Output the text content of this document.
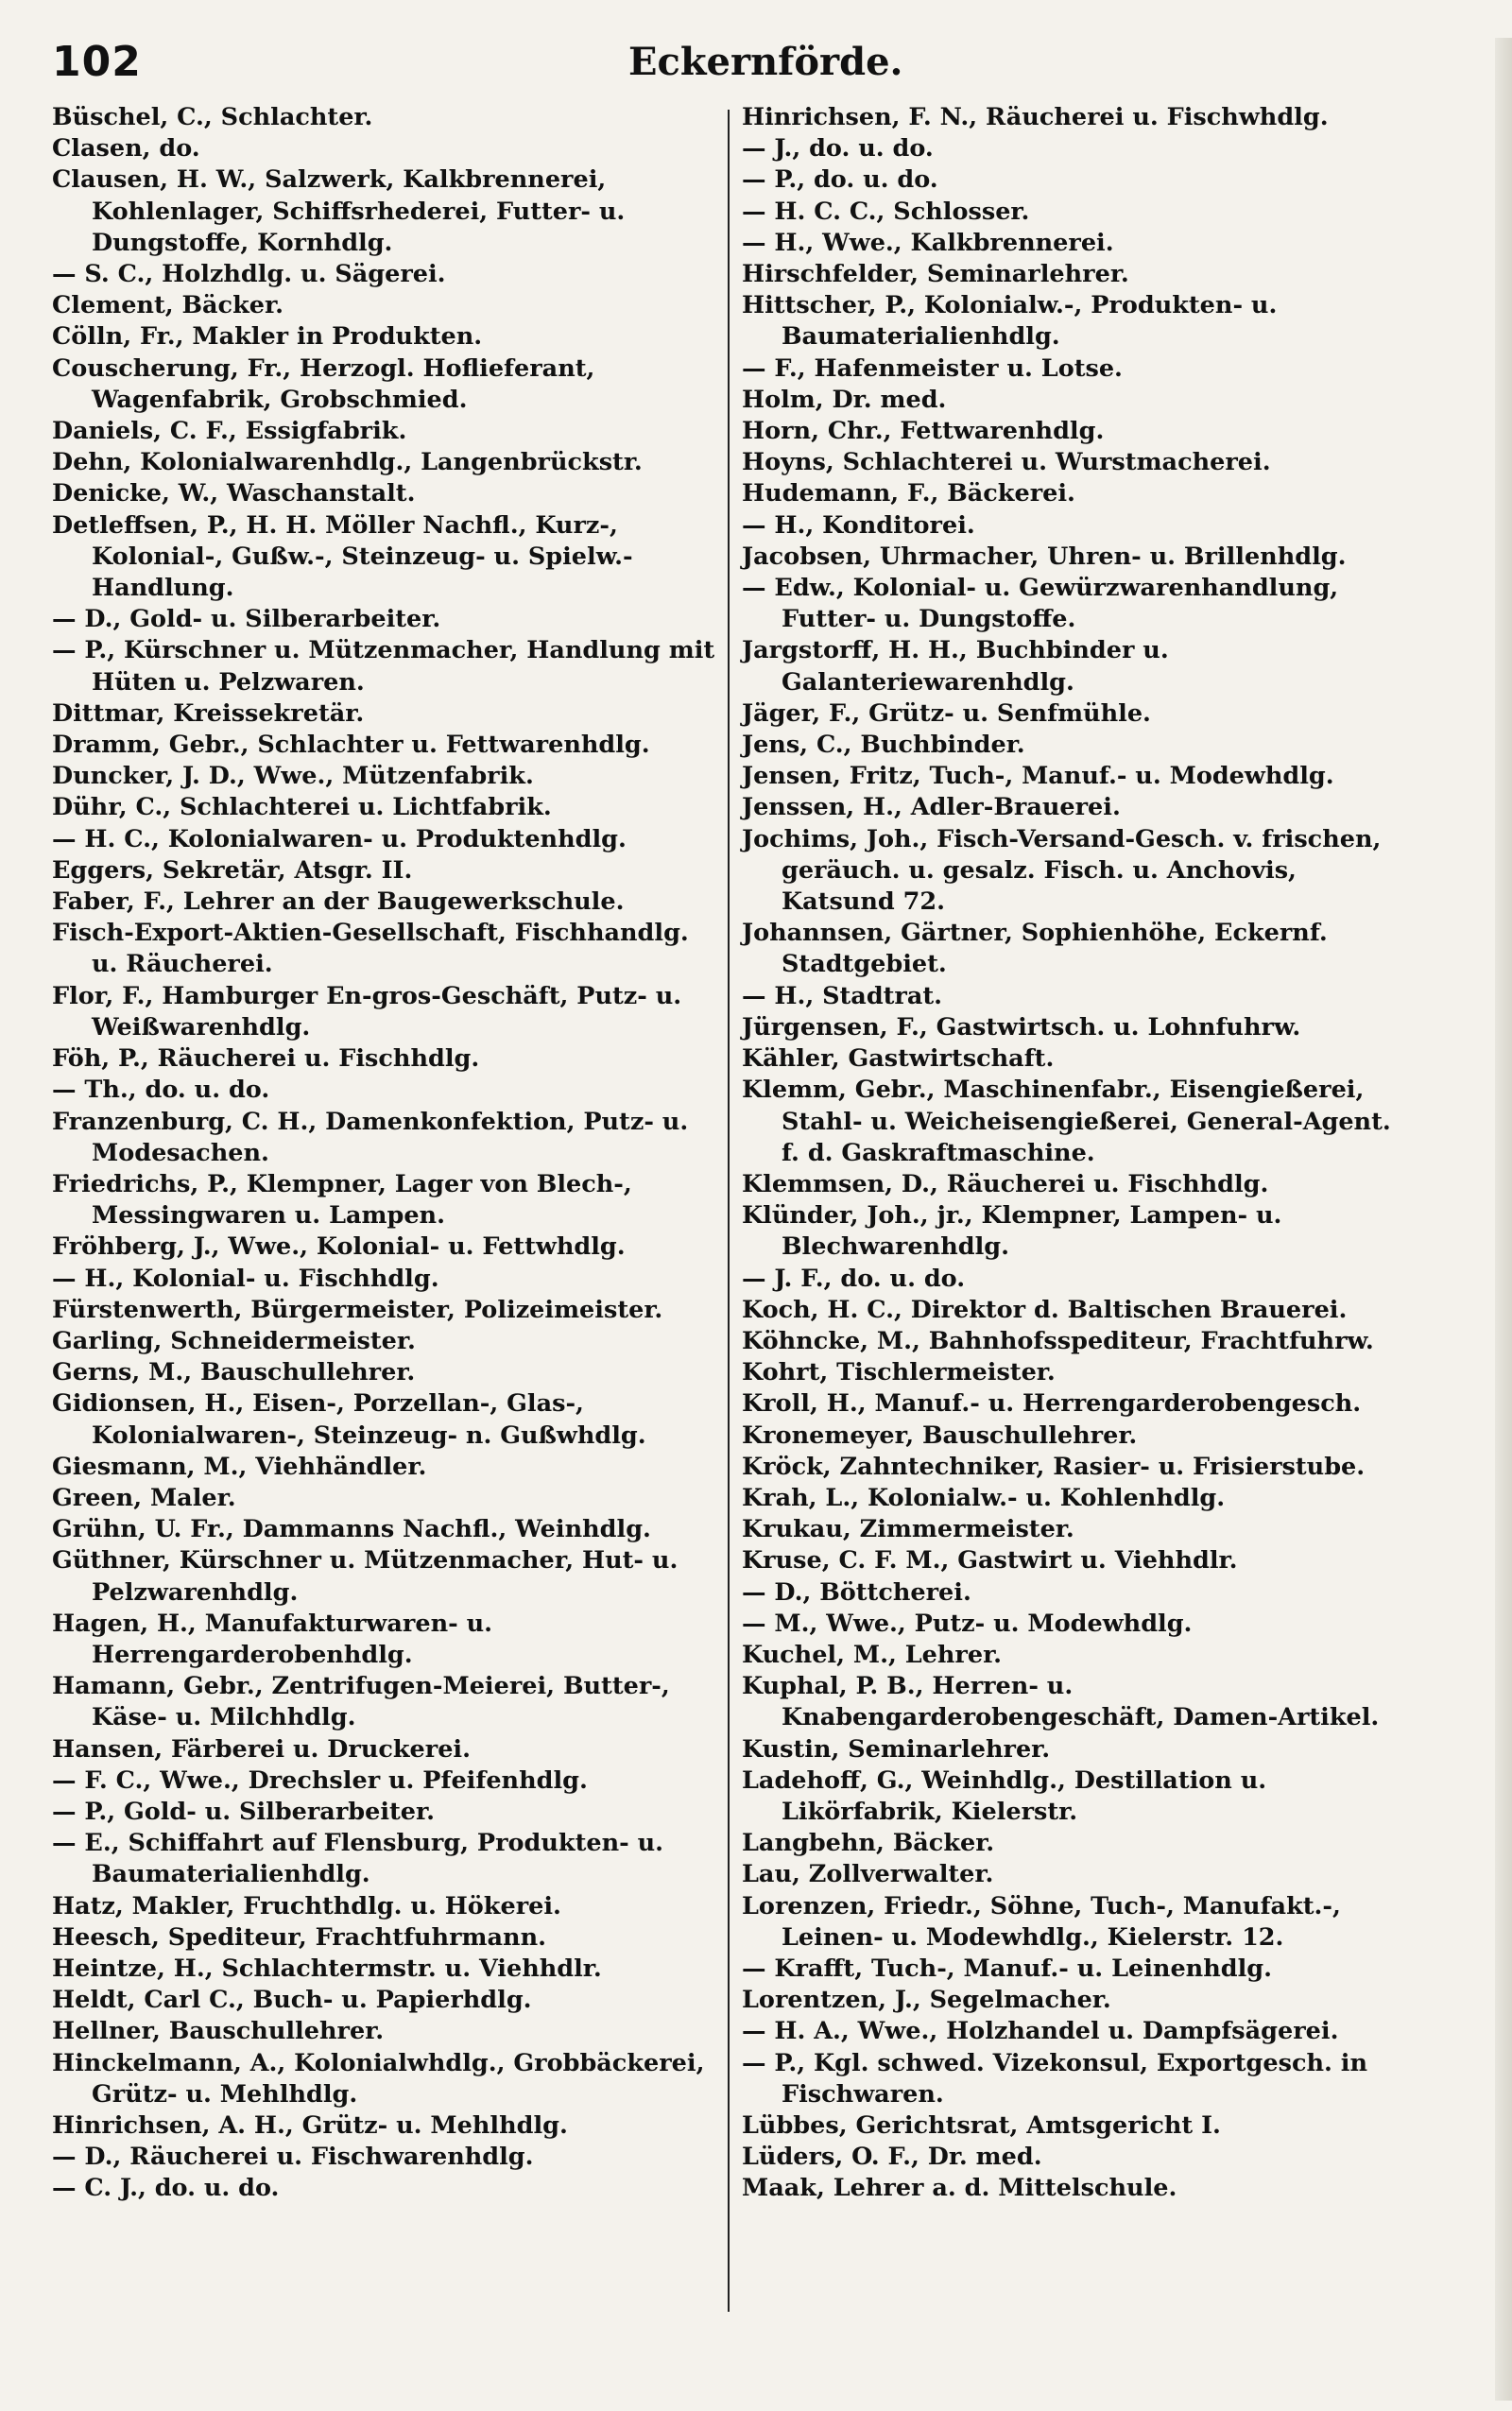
102	Eckernförde.
Büschel, C., Schlachter.
Clasen, do.
Clausen, H. W., Salzwerk, Kalkbrennerei, Kohlenlager, Schiffsrhederei, Futter- u. Dungstoffe, Kornhdlg.
— S. C., Holzhdlg. u. Sägerei.
Clement, Bäcker.
Cölln, Fr., Makler in Produkten.
Couscherung, Fr., Herzogl. Hoflieferant, Wagenfabrik, Grobschmied.
Daniels, C. F., Essigfabrik.
Dehn, Kolonialwarenhdlg., Langenbrückstr.
Denicke, W., Waschanstalt.
Detleffsen, P., H. H. Möller Nachfl., Kurz-, Kolonial-, Gußw.-, Steinzeug- u. Spielw.-Handlung.
— D., Gold- u. Silberarbeiter.
— P., Kürschner u. Mützenmacher, Handlung mit Hüten u. Pelzwaren.
Dittmar, Kreissekretär.
Dramm, Gebr., Schlachter u. Fettwarenhdlg.
Duncker, J. D., Wwe., Mützenfabrik.
Dühr, C., Schlachterei u. Lichtfabrik.
— H. C., Kolonialwaren- u. Produktenhdlg.
Eggers, Sekretär, Atsgr. II.
Faber, F., Lehrer an der Baugewerkschule.
Fisch-Export-Aktien-Gesellschaft, Fischhandlg. u. Räucherei.
Flor, F., Hamburger En-gros-Geschäft, Putz- u. Weißwarenhdlg.
Föh, P., Räucherei u. Fischhdlg.
— Th., do. u. do.
Franzenburg, C. H., Damenkonfektion, Putz- u. Modesachen.
Friedrichs, P., Klempner, Lager von Blech-, Messingwaren u. Lampen.
Fröhberg, J., Wwe., Kolonial- u. Fettwhdlg.
— H., Kolonial- u. Fischhdlg.
Fürstenwerth, Bürgermeister, Polizeimeister.
Garling, Schneidermeister.
Gerns, M., Bauschullehrer.
Gidionsen, H., Eisen-, Porzellan-, Glas-, Kolonialwaren-, Steinzeug- n. Gußwhdlg.
Giesmann, M., Viehhändler.
Green, Maler.
Grühn, U. Fr., Dammanns Nachfl., Weinhdlg.
Güthner, Kürschner u. Mützenmacher, Hut- u. Pelzwarenhdlg.
Hagen, H., Manufakturwaren- u. Herrengarderobenhdlg.
Hamann, Gebr., Zentrifugen-Meierei, Butter-, Käse- u. Milchhdlg.
Hansen, Färberei u. Druckerei.
— F. C., Wwe., Drechsler u. Pfeifenhdlg.
— P., Gold- u. Silberarbeiter.
— E., Schiffahrt auf Flensburg, Produkten- u. Baumaterialienhdlg.
Hatz, Makler, Fruchthdlg. u. Hökerei.
Heesch, Spediteur, Frachtfuhrmann.
Heintze, H., Schlachtermstr. u. Viehhdlr.
Heldt, Carl C., Buch- u. Papierhdlg.
Hellner, Bauschullehrer.
Hinckelmann, A., Kolonialwhdlg., Grobbäckerei, Grütz- u. Mehlhdlg.
Hinrichsen, A. H., Grütz- u. Mehlhdlg.
— D., Räucherei u. Fischwarenhdlg.
— C. J., do. u. do.
Hinrichsen, F. N., Räucherei u. Fischwhdlg.
— J., do. u. do.
— P., do. u. do.
— H. C. C., Schlosser.
— H., Wwe., Kalkbrennerei.
Hirschfelder, Seminarlehrer.
Hittscher, P., Kolonialw.-, Produkten- u. Baumaterialienhdlg.
— F., Hafenmeister u. Lotse.
Holm, Dr. med.
Horn, Chr., Fettwarenhdlg.
Hoyns, Schlachterei u. Wurstmacherei.
Hudemann, F., Bäckerei.
— H., Konditorei.
Jacobsen, Uhrmacher, Uhren- u. Brillenhdlg.
— Edw., Kolonial- u. Gewürzwarenhandlung, Futter- u. Dungstoffe.
Jargstorff, H. H., Buchbinder u. Galanteriewarenhdlg.
Jäger, F., Grütz- u. Senfmühle.
Jens, C., Buchbinder.
Jensen, Fritz, Tuch-, Manuf.- u. Modewhdlg.
Jenssen, H., Adler-Brauerei.
Jochims, Joh., Fisch-Versand-Gesch. v. frischen, geräuch. u. gesalz. Fisch. u. Anchovis, Katsund 72.
Johannsen, Gärtner, Sophienhöhe, Eckernf. Stadtgebiet.
— H., Stadtrat.
Jürgensen, F., Gastwirtsch. u. Lohnfuhrw.
Kähler, Gastwirtschaft.
Klemm, Gebr., Maschinenfabr., Eisengießerei, Stahl- u. Weicheisengießerei, General-Agent. f. d. Gaskraftmaschine.
Klemmsen, D., Räucherei u. Fischhdlg.
Klünder, Joh., jr., Klempner, Lampen- u. Blechwarenhdlg.
— J. F., do. u. do.
Koch, H. C., Direktor d. Baltischen Brauerei.
Köhncke, M., Bahnhofsspediteur, Frachtfuhrw.
Kohrt, Tischlermeister.
Kroll, H., Manuf.- u. Herrengarderobengesch.
Kronemeyer, Bauschullehrer.
Kröck, Zahntechniker, Rasier- u. Frisierstube.
Krah, L., Kolonialw.- u. Kohlenhdlg.
Krukau, Zimmermeister.
Kruse, C. F. M., Gastwirt u. Viehhdlr.
— D., Böttcherei.
— M., Wwe., Putz- u. Modewhdlg.
Kuchel, M., Lehrer.
Kuphal, P. B., Herren- u. Knabengarderobengeschäft, Damen-Artikel.
Kustin, Seminarlehrer.
Ladehoff, G., Weinhdlg., Destillation u. Likörfabrik, Kielerstr.
Langbehn, Bäcker.
Lau, Zollverwalter.
Lorenzen, Friedr., Söhne, Tuch-, Manufakt.-, Leinen- u. Modewhdlg., Kielerstr. 12.
— Krafft, Tuch-, Manuf.- u. Leinenhdlg.
Lorentzen, J., Segelmacher.
— H. A., Wwe., Holzhandel u. Dampfsägerei.
— P., Kgl. schwed. Vizekonsul, Exportgesch. in Fischwaren.
Lübbes, Gerichtsrat, Amtsgericht I.
Lüders, O. F., Dr. med.
Maak, Lehrer a. d. Mittelschule.
